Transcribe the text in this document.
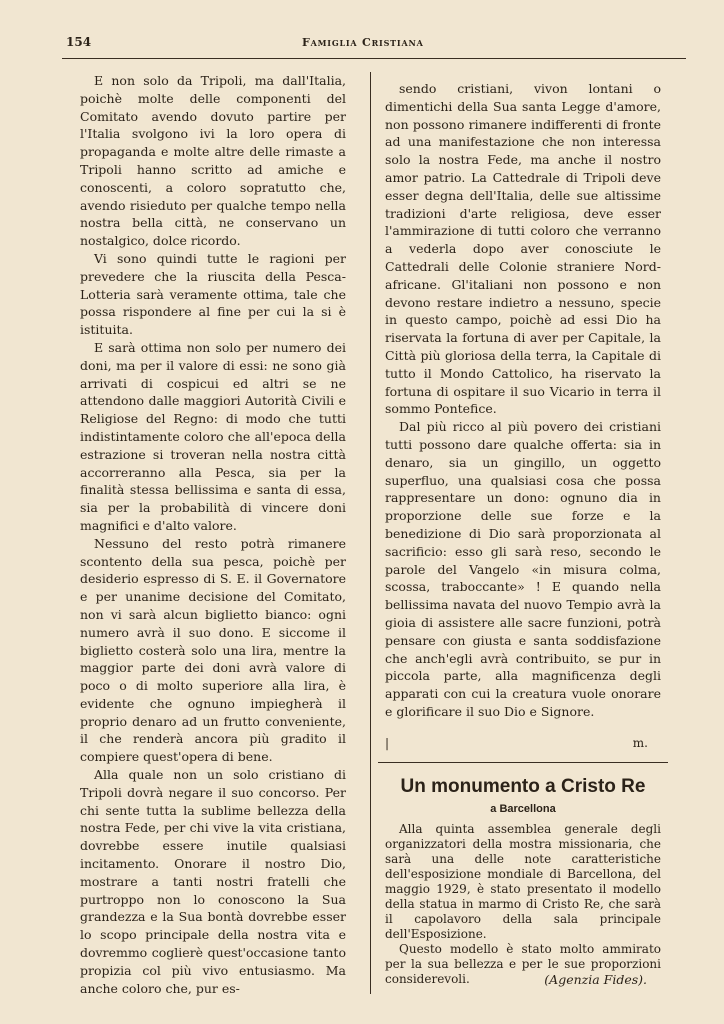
154	Famiglia Cristiana

E non solo da Tripoli, ma dall'Italia, poichè molte delle componenti del Comitato avendo dovuto partire per l'Italia svolgono ivi la loro opera di propaganda e molte altre delle rimaste a Tripoli hanno scritto ad amiche e conoscenti, a coloro sopratutto che, avendo risieduto per qualche tempo nella nostra bella città, ne conservano un nostalgico, dolce ricordo.

Vi sono quindi tutte le ragioni per prevedere che la riuscita della Pesca-Lotteria sarà veramente ottima, tale che possa rispondere al fine per cui la si è istituita.

E sarà ottima non solo per numero dei doni, ma per il valore di essi: ne sono già arrivati di cospicui ed altri se ne attendono dalle maggiori Autorità Civili e Religiose del Regno: di modo che tutti indistintamente coloro che all'epoca della estrazione si troveran nella nostra città accorreranno alla Pesca, sia per la finalità stessa bellissima e santa di essa, sia per la probabilità di vincere doni magnifici e d'alto valore.

Nessuno del resto potrà rimanere scontento della sua pesca, poichè per desiderio espresso di S. E. il Governatore e per unanime decisione del Comitato, non vi sarà alcun biglietto bianco: ogni numero avrà il suo dono. E siccome il biglietto costerà solo una lira, mentre la maggior parte dei doni avrà valore di poco o di molto superiore alla lira, è evidente che ognuno impiegherà il proprio denaro ad un frutto conveniente, il che renderà ancora più gradito il compiere quest'opera di bene.

Alla quale non un solo cristiano di Tripoli dovrà negare il suo concorso. Per chi sente tutta la sublime bellezza della nostra Fede, per chi vive la vita cristiana, dovrebbe essere inutile qualsiasi incitamento. Onorare il nostro Dio, mostrare a tanti nostri fratelli che purtroppo non lo conoscono la Sua grandezza e la Sua bontà dovrebbe esser lo scopo principale della nostra vita e dovremmo coglierè quest'occasione tanto propizia col più vivo entusiasmo. Ma anche coloro che, pur es-

sendo cristiani, vivon lontani o dimentichi della Sua santa Legge d'amore, non possono rimanere indifferenti di fronte ad una manifestazione che non interessa solo la nostra Fede, ma anche il nostro amor patrio. La Cattedrale di Tripoli deve esser degna dell'Italia, delle sue altissime tradizioni d'arte religiosa, deve esser l'ammirazione di tutti coloro che verranno a vederla dopo aver conosciute le Cattedrali delle Colonie straniere Nord-africane. Gl'italiani non possono e non devono restare indietro a nessuno, specie in questo campo, poichè ad essi Dio ha riservata la fortuna di aver per Capitale, la Città più gloriosa della terra, la Capitale di tutto il Mondo Cattolico, ha riservato la fortuna di ospitare il suo Vicario in terra il sommo Pontefice.

Dal più ricco al più povero dei cristiani tutti possono dare qualche offerta: sia in denaro, sia un gingillo, un oggetto superfluo, una qualsiasi cosa che possa rappresentare un dono: ognuno dia in proporzione delle sue forze e la benedizione di Dio sarà proporzionata al sacrificio: esso gli sarà reso, secondo le parole del Vangelo «in misura colma, scossa, traboccante» ! E quando nella bellissima navata del nuovo Tempio avrà la gioia di assistere alle sacre funzioni, potrà pensare con giusta e santa soddisfazione che anch'egli avrà contribuito, se pur in piccola parte, alla magnificenza degli apparati con cui la creatura vuole onorare e glorificare il suo Dio e Signore.

|	m.
Un monumento a Cristo Re
a Barcellona

Alla quinta assemblea generale degli organizzatori della mostra missionaria, che sarà una delle note caratteristiche dell'esposizione mondiale di Barcellona, del maggio 1929, è stato presentato il modello della statua in marmo di Cristo Re, che sarà il capolavoro della sala principale dell'Esposizione.

Questo modello è stato molto ammirato per la sua bellezza e per le sue proporzioni considerevoli.	(Agenzia Fides).
